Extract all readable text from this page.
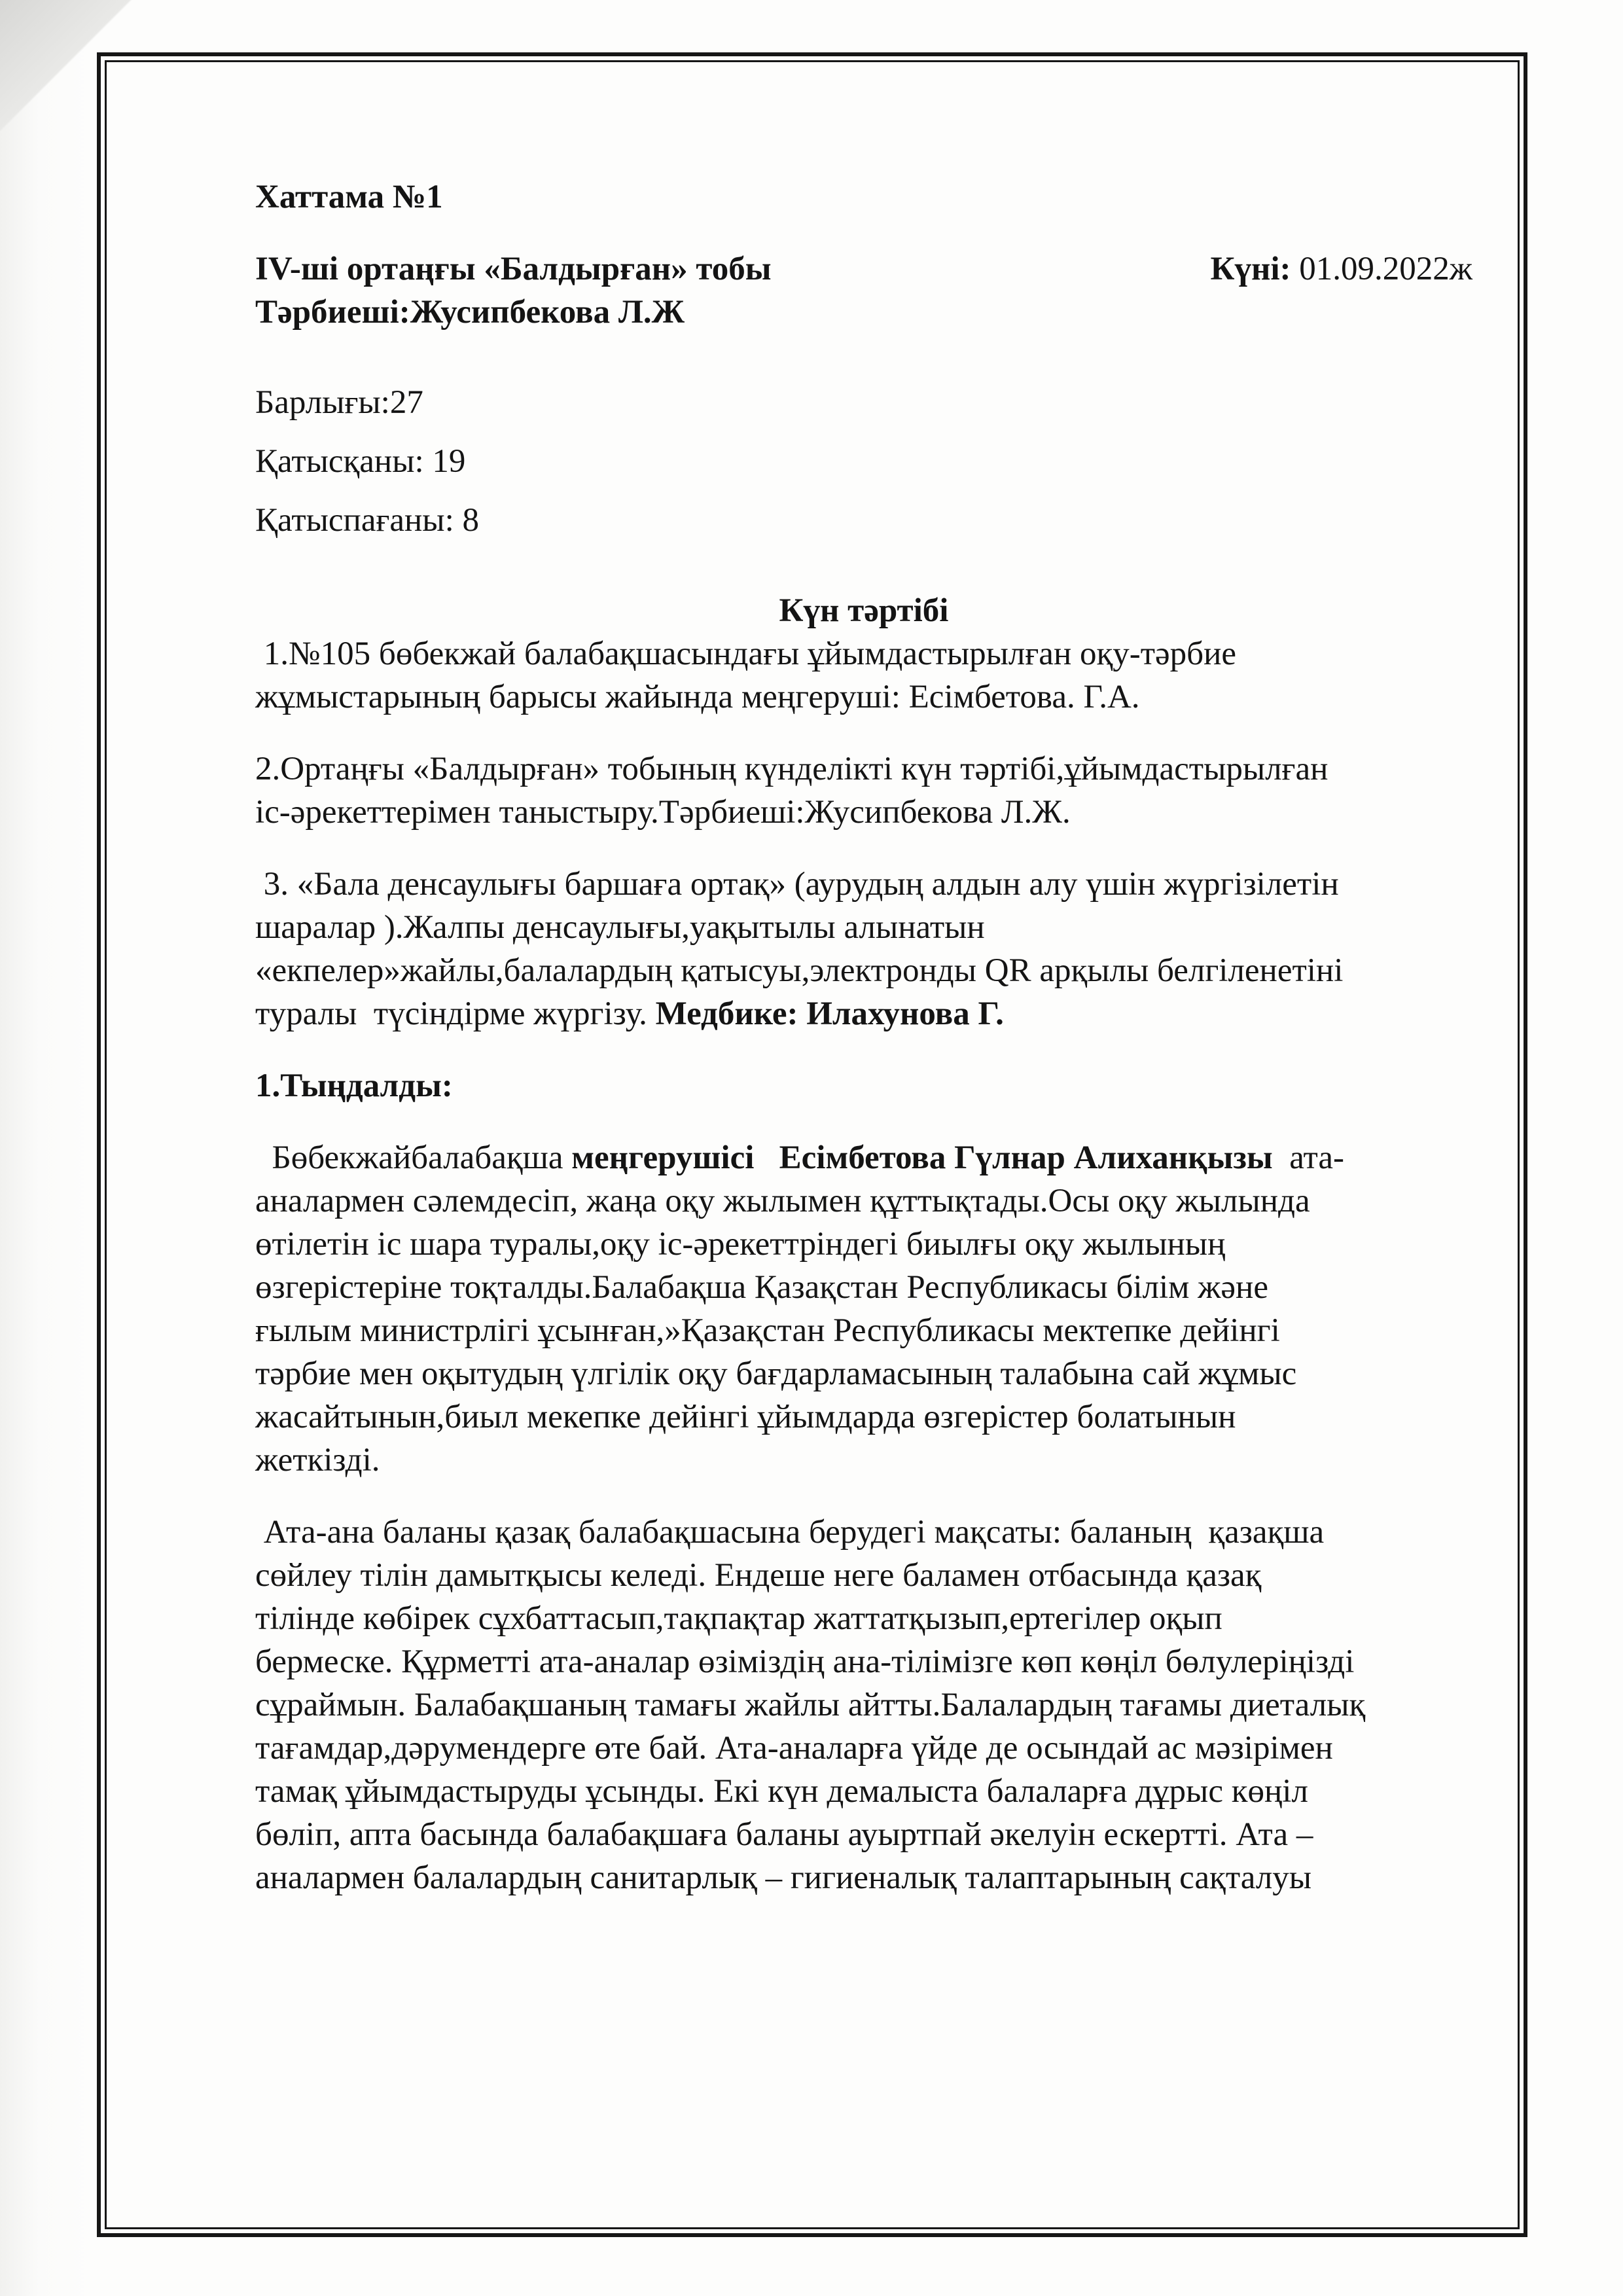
Хаттама №1
IV-ші ортаңғы «Балдырған» тобы	Күні: 01.09.2022ж
Тәрбиеші:Жусипбекова Л.Ж
Барлығы:27
Қатысқаны: 19
Қатыспағаны: 8
Күн тәртібі
1.№105 бөбекжай балабақшасындағы ұйымдастырылған оқу-тәрбие
жұмыстарының барысы жайында меңгеруші: Есімбетова. Г.А.
2.Ортаңғы «Балдырған» тобының күнделікті күн тәртібі,ұйымдастырылған
іс-әрекеттерімен таныстыру.Тәрбиеші:Жусипбекова Л.Ж.
3. «Бала денсаулығы баршаға ортақ» (аурудың алдын алу үшін жүргізілетін
шаралар ).Жалпы денсаулығы,уақытылы алынатын
«екпелер»жайлы,балалардың қатысуы,электронды QR арқылы белгіленетіні
туралы  түсіндірме жүргізу. Медбике: Илахунова Г.
1.Тыңдалды:
Бөбекжайбалабақша меңгерушісі Есімбетова Гүлнар Алиханқызы  ата-
аналармен сәлемдесіп, жаңа оқу жылымен құттықтады.Осы оқу жылында
өтілетін іс шара туралы,оқу іс-әрекеттріндегі биылғы оқу жылының
өзгерістеріне тоқталды.Балабақша Қазақстан Республикасы білім және
ғылым министрлігі ұсынған,»Қазақстан Республикасы мектепке дейінгі
тәрбие мен оқытудың үлгілік оқу бағдарламасының талабына сай жұмыс
жасайтынын,биыл мекепке дейінгі ұйымдарда өзгерістер болатынын
жеткізді.
Ата-ана баланы қазақ балабақшасына берудегі мақсаты: баланың  қазақша
сөйлеу тілін дамытқысы келеді. Ендеше неге баламен отбасында қазақ
тілінде көбірек сұхбаттасып,тақпақтар жаттатқызып,ертегілер оқып
бермеске. Құрметті ата-аналар өзіміздің ана-тілімізге көп көңіл бөлулеріңізді
сұраймын. Балабақшаның тамағы жайлы айтты.Балалардың тағамы диеталық
тағамдар,дәрумендерге өте бай. Ата-аналарға үйде де осындай ас мәзірімен
тамақ ұйымдастыруды ұсынды. Екі күн демалыста балаларға дұрыс көңіл
бөліп, апта басында балабақшаға баланы ауыртпай әкелуін ескертті. Ата –
аналармен балалардың санитарлық – гигиеналық талаптарының сақталуы
